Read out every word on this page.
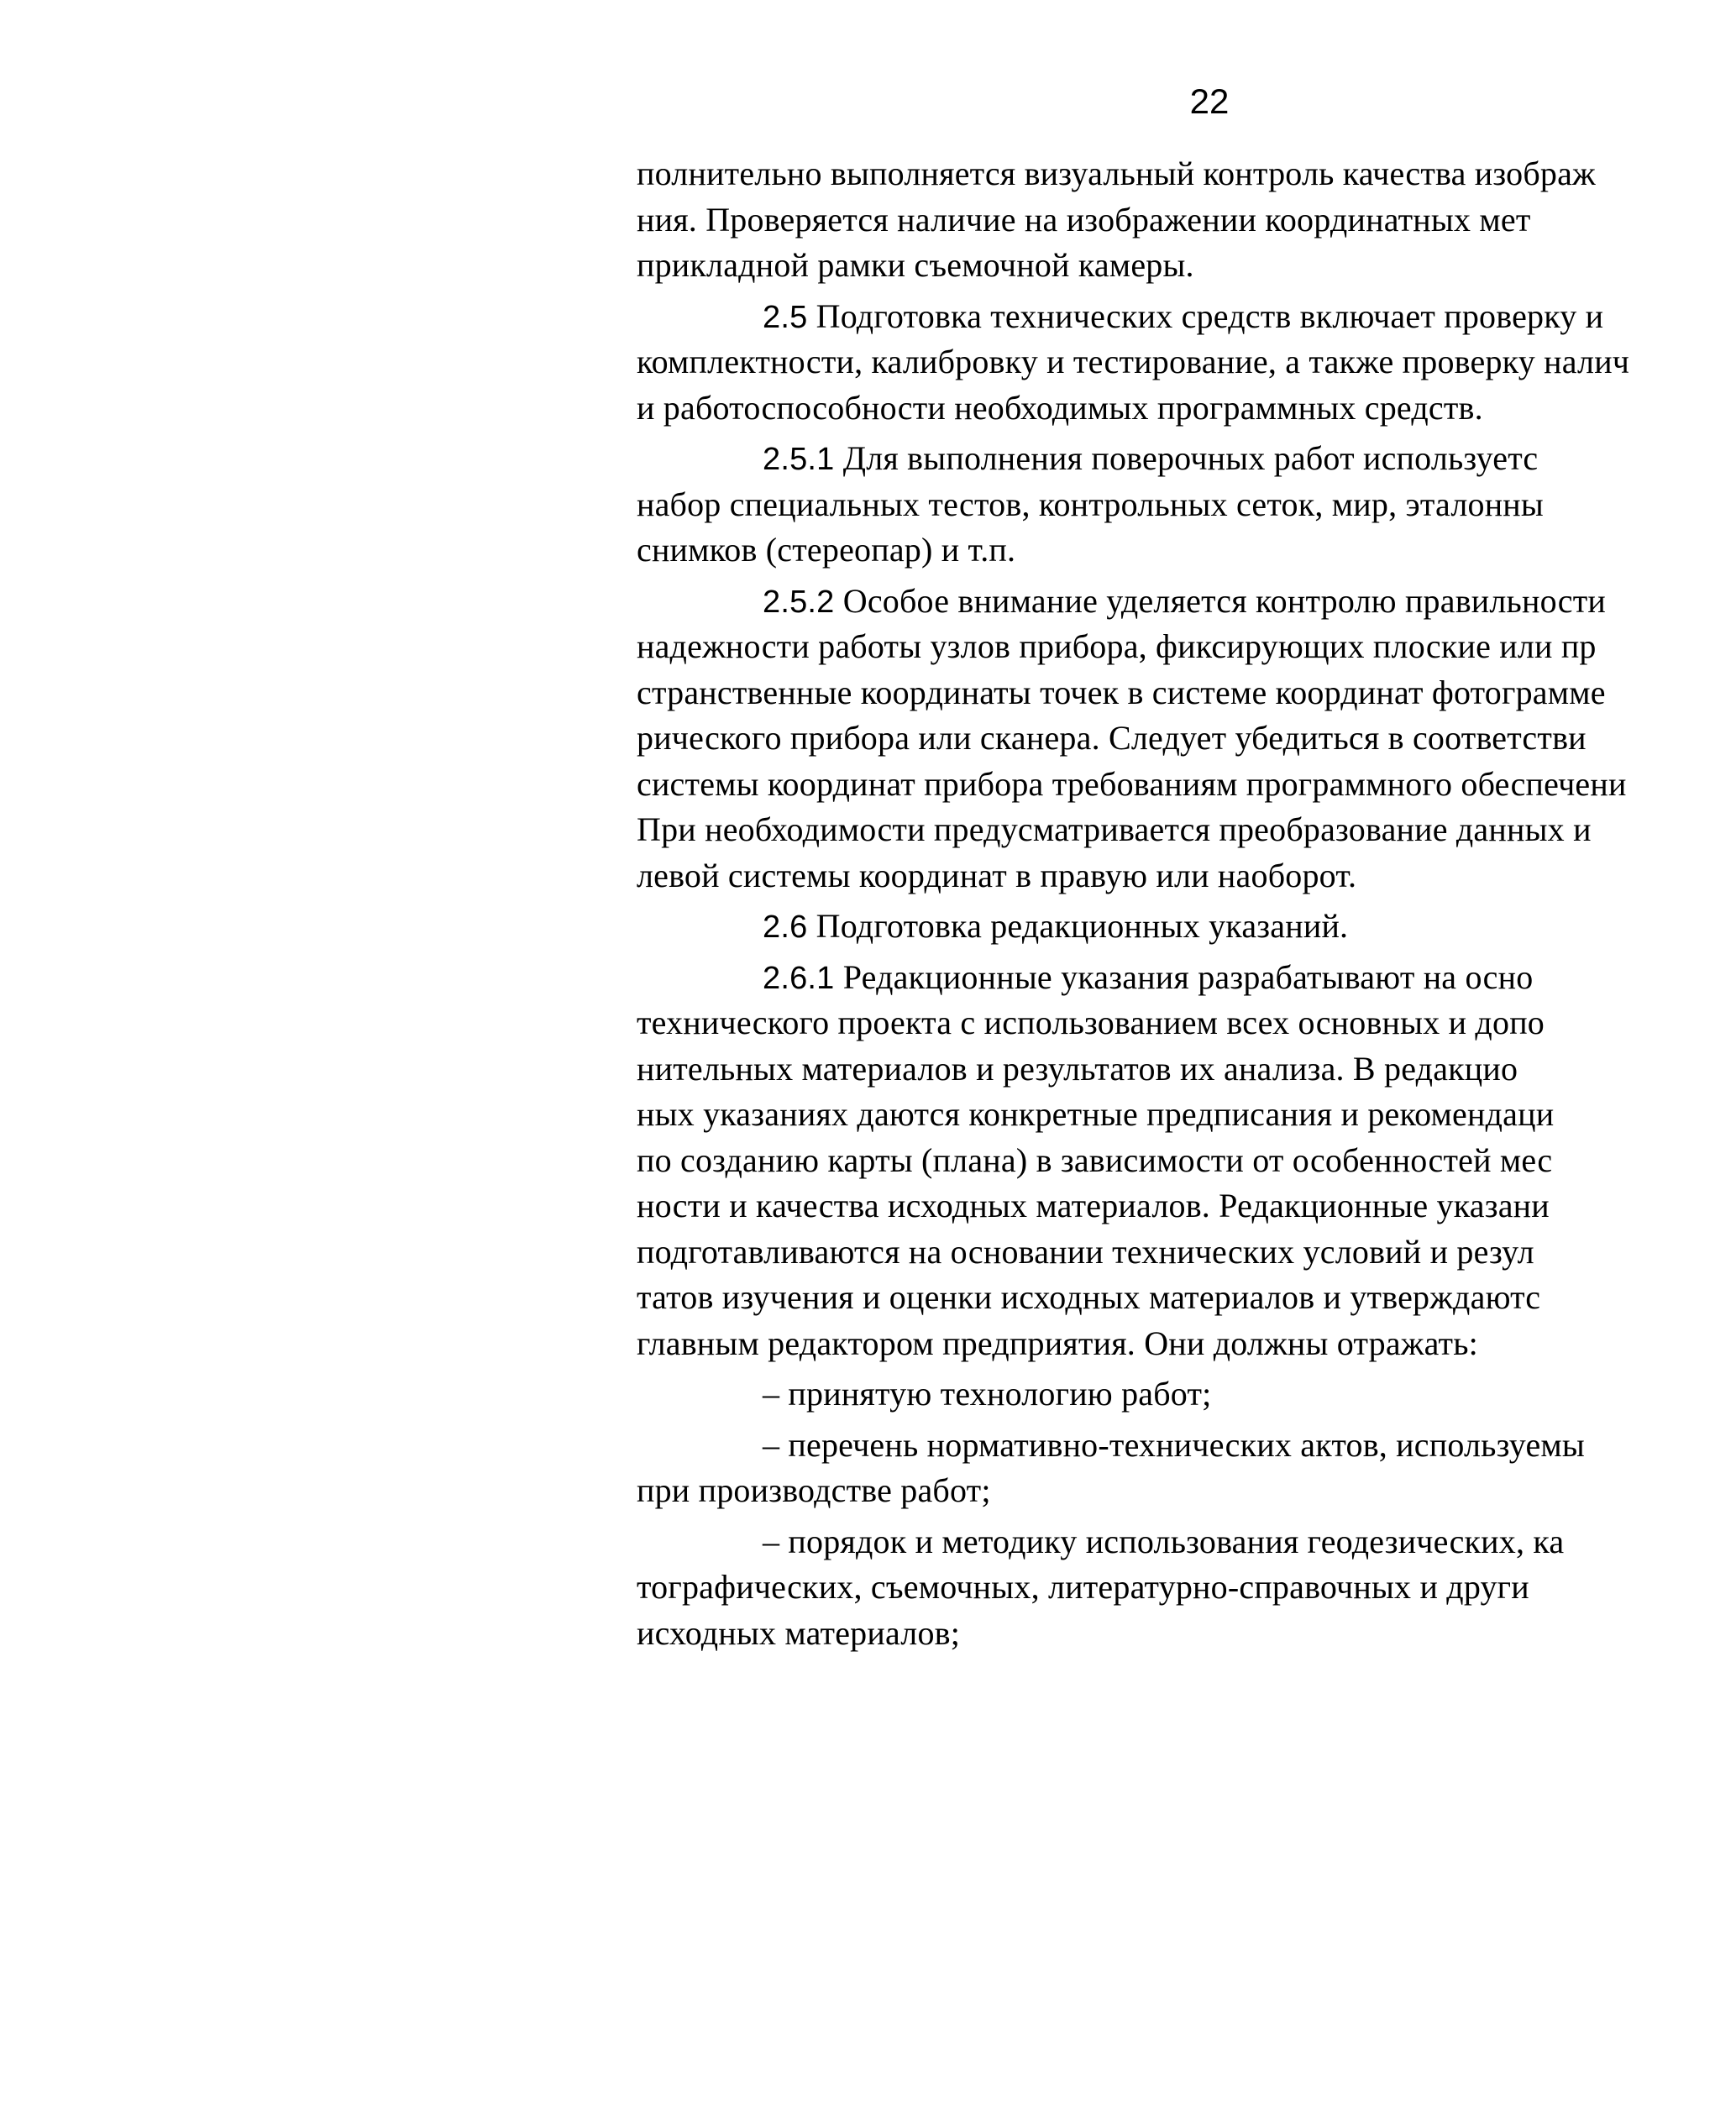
22
полнительно выполняется визуальный контроль качества изображ
ния. Проверяется наличие на изображении координатных мет
прикладной рамки съемочной камеры.
2.5 Подготовка технических средств включает проверку и
комплектности, калибровку и тестирование, а также проверку налич
и работоспособности необходимых программных средств.
2.5.1 Для выполнения поверочных работ используетс
набор специальных тестов, контрольных сеток, мир, эталонны
снимков (стереопар) и т.п.
2.5.2 Особое внимание уделяется контролю правильности
надежности работы узлов прибора, фиксирующих плоские или пр
странственные координаты точек в системе координат фотограмме
рического прибора или сканера. Следует убедиться в соответстви
системы координат прибора требованиям программного обеспечени
При необходимости предусматривается преобразование данных и
левой системы координат в правую или наоборот.
2.6 Подготовка редакционных указаний.
2.6.1 Редакционные указания разрабатывают на осно
технического проекта с использованием всех основных и допо
нительных материалов и результатов их анализа. В редакцио
ных указаниях даются конкретные предписания и рекомендаци
по созданию карты (плана) в зависимости от особенностей мес
ности и качества исходных материалов. Редакционные указани
подготавливаются на основании технических условий и резул
татов изучения и оценки исходных материалов и утверждаютс
главным редактором предприятия. Они должны отражать:
– принятую технологию работ;
– перечень нормативно-технических актов, используемы
при производстве работ;
– порядок и методику использования геодезических, ка
тографических, съемочных, литературно-справочных и други
исходных материалов;
